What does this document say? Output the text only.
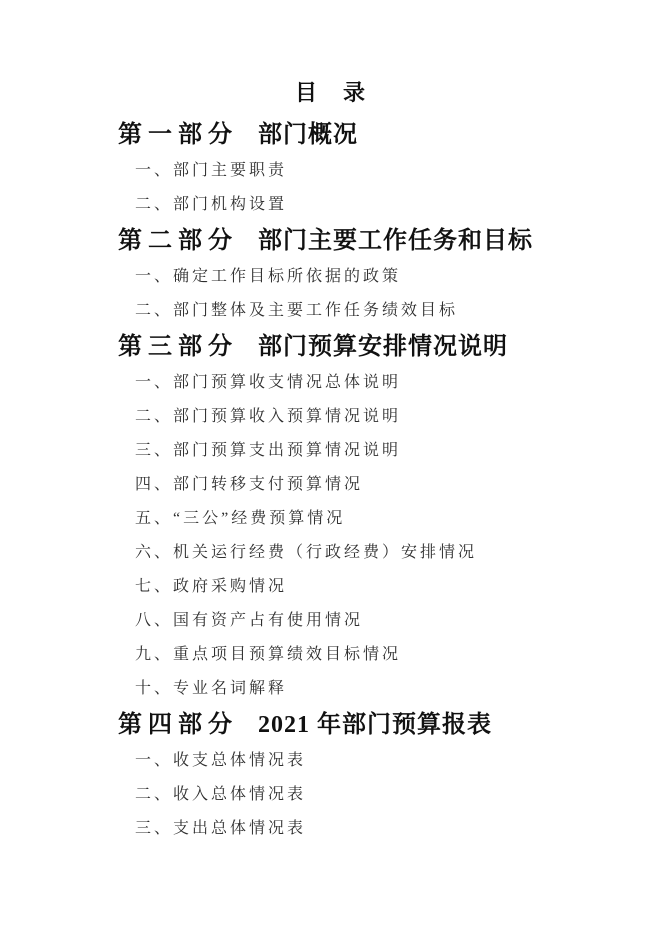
目　录
第一部分 部门概况

一、部门主要职责

二、部门机构设置

第二部分 部门主要工作任务和目标

一、确定工作目标所依据的政策

二、部门整体及主要工作任务绩效目标

第三部分 部门预算安排情况说明

一、部门预算收支情况总体说明

二、部门预算收入预算情况说明

三、部门预算支出预算情况说明

四、部门转移支付预算情况

五、“三公”经费预算情况

六、机关运行经费（行政经费）安排情况

七、政府采购情况

八、国有资产占有使用情况

九、重点项目预算绩效目标情况

十、专业名词解释

第四部分 2021 年部门预算报表

一、收支总体情况表

二、收入总体情况表

三、支出总体情况表
